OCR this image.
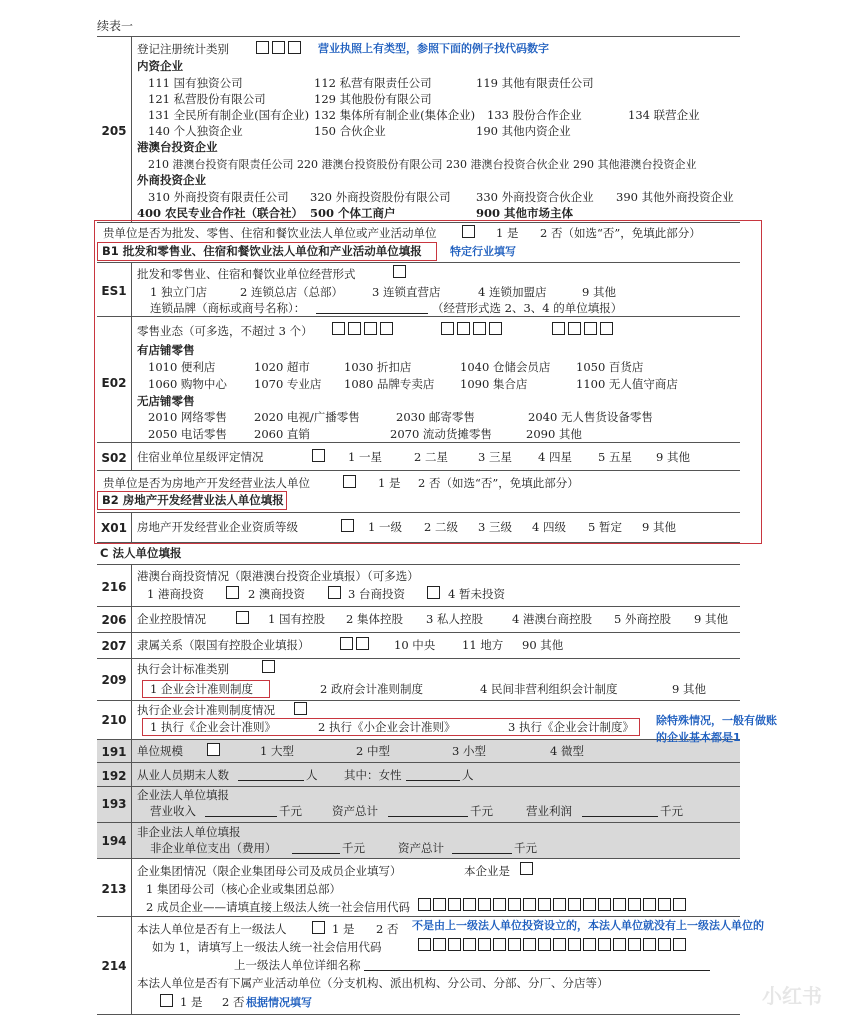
续表一
205
登记注册统计类别	营业执照上有类型，参照下面的例子找代码数字
内资企业
111 国有独资公司	112 私营有限责任公司	119 其他有限责任公司
121 私营股份有限公司	129 其他股份有限公司
131 全民所有制企业(国有企业) 132 集体所有制企业(集体企业) 133 股份合作企业	134 联营企业
140 个人独资企业	150 合伙企业	190 其他内资企业
港澳台投资企业
210 港澳台投资有限责任公司 220 港澳台投资股份有限公司 230 港澳台投资合伙企业 290 其他港澳台投资企业
外商投资企业
310 外商投资有限责任公司 320 外商投资股份有限公司 330 外商投资合伙企业 390 其他外商投资企业
400 农民专业合作社（联合社） 500 个体工商户	900 其他市场主体
贵单位是否为批发、零售、住宿和餐饮业法人单位或产业活动单位	1 是 2 否（如选“否”，免填此部分）
B1 批发和零售业、住宿和餐饮业法人单位和产业活动单位填报	特定行业填写
ES1
批发和零售业、住宿和餐饮业单位经营形式
1 独立门店	2 连锁总店（总部）	3 连锁直营店	4 连锁加盟店	9 其他
连锁品牌（商标或商号名称）：	（经营形式选 2、3、4 的单位填报）
E02
零售业态（可多选，不超过 3 个）
有店铺零售
1010 便利店	1020 超市	1030 折扣店	1040 仓储会员店 1050 百货店
1060 购物中心 1070 专业店 1080 品牌专卖店 1090 集合店	1100 无人值守商店
无店铺零售
2010 网络零售 2020 电视/广播零售	2030 邮寄零售	2040 无人售货设备零售
2050 电话零售 2060 直销	2070 流动货摊零售	2090 其他
S02 住宿业单位星级评定情况	1 一星	2 二星	3 三星 4 四星 5 五星 9 其他
贵单位是否为房地产开发经营业法人单位	1 是 2 否（如选“否”，免填此部分）
B2 房地产开发经营业法人单位填报
X01 房地产开发经营业企业资质等级	1 一级 2 二级 3 三级 4 四级 5 暂定 9 其他
C 法人单位填报
216
港澳台商投资情况（限港澳台投资企业填报）（可多选）
1 港商投资	2 澳商投资	3 台商投资	4 暂未投资
206 企业控股情况	1 国有控股 2 集体控股 3 私人控股	4 港澳台商控股 5 外商控股 9 其他
207 隶属关系（限国有控股企业填报）	10 中央 11 地方 90 其他
209
执行会计标准类别
1 企业会计准则制度	2 政府会计准则制度	4 民间非营利组织会计制度	9 其他
210
执行企业会计准则制度情况
1 执行《企业会计准则》	2 执行《小企业会计准则》	3 执行《企业会计制度》 除特殊情况，一般有做账
的企业基本都是1
191 单位规模	1 大型	2 中型	3 小型	4 微型
192 从业人员期末人数	人 其中：女性	人
193
企业法人单位填报
营业收入	千元	资产总计	千元	营业利润	千元
194
非企业法人单位填报
非企业单位支出（费用）	千元	资产总计	千元
213
企业集团情况（限企业集团母公司及成员企业填写）	本企业是
1 集团母公司（核心企业或集团总部）
2 成员企业——请填直接上级法人统一社会信用代码
214
本法人单位是否有上一级法人	1 是 2 否 不是由上一级法人单位投资设立的，本法人单位就没有上一级法人单位的
如为 1，请填写上一级法人统一社会信用代码
上一级法人单位详细名称
本法人单位是否有下属产业活动单位（分支机构、派出机构、分公司、分部、分厂、分店等）
1 是 2 否 根据情况填写	小红书
